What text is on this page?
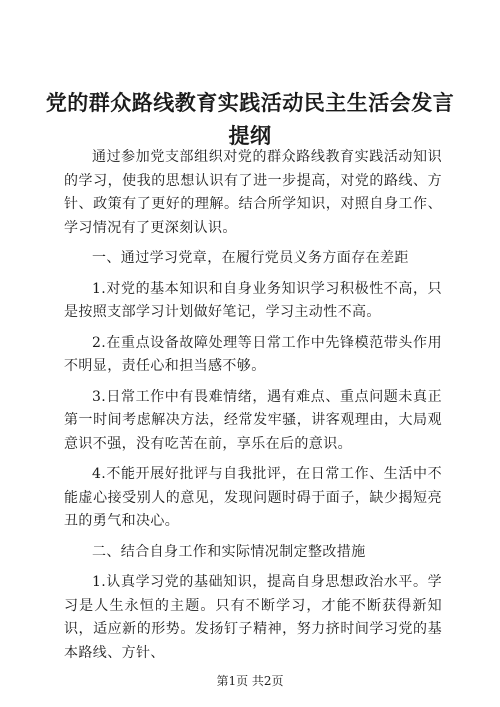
党的群众路线教育实践活动民主生活会发言提纲

通过参加党支部组织对党的群众路线教育实践活动知识的学习，使我的思想认识有了进一步提高，对党的路线、方针、政策有了更好的理解。结合所学知识，对照自身工作、学习情况有了更深刻认识。

一、通过学习党章，在履行党员义务方面存在差距

1.对党的基本知识和自身业务知识学习积极性不高，只是按照支部学习计划做好笔记，学习主动性不高。

2.在重点设备故障处理等日常工作中先锋模范带头作用不明显，责任心和担当感不够。

3.日常工作中有畏难情绪，遇有难点、重点问题未真正第一时间考虑解决方法，经常发牢骚，讲客观理由，大局观意识不强，没有吃苦在前，享乐在后的意识。

4.不能开展好批评与自我批评，在日常工作、生活中不能虚心接受别人的意见，发现问题时碍于面子，缺少揭短亮丑的勇气和决心。

二、结合自身工作和实际情况制定整改措施

1.认真学习党的基础知识，提高自身思想政治水平。学习是人生永恒的主题。只有不断学习，才能不断获得新知识，适应新的形势。发扬钉子精神，努力挤时间学习党的基本路线、方针、

第1页 共2页
